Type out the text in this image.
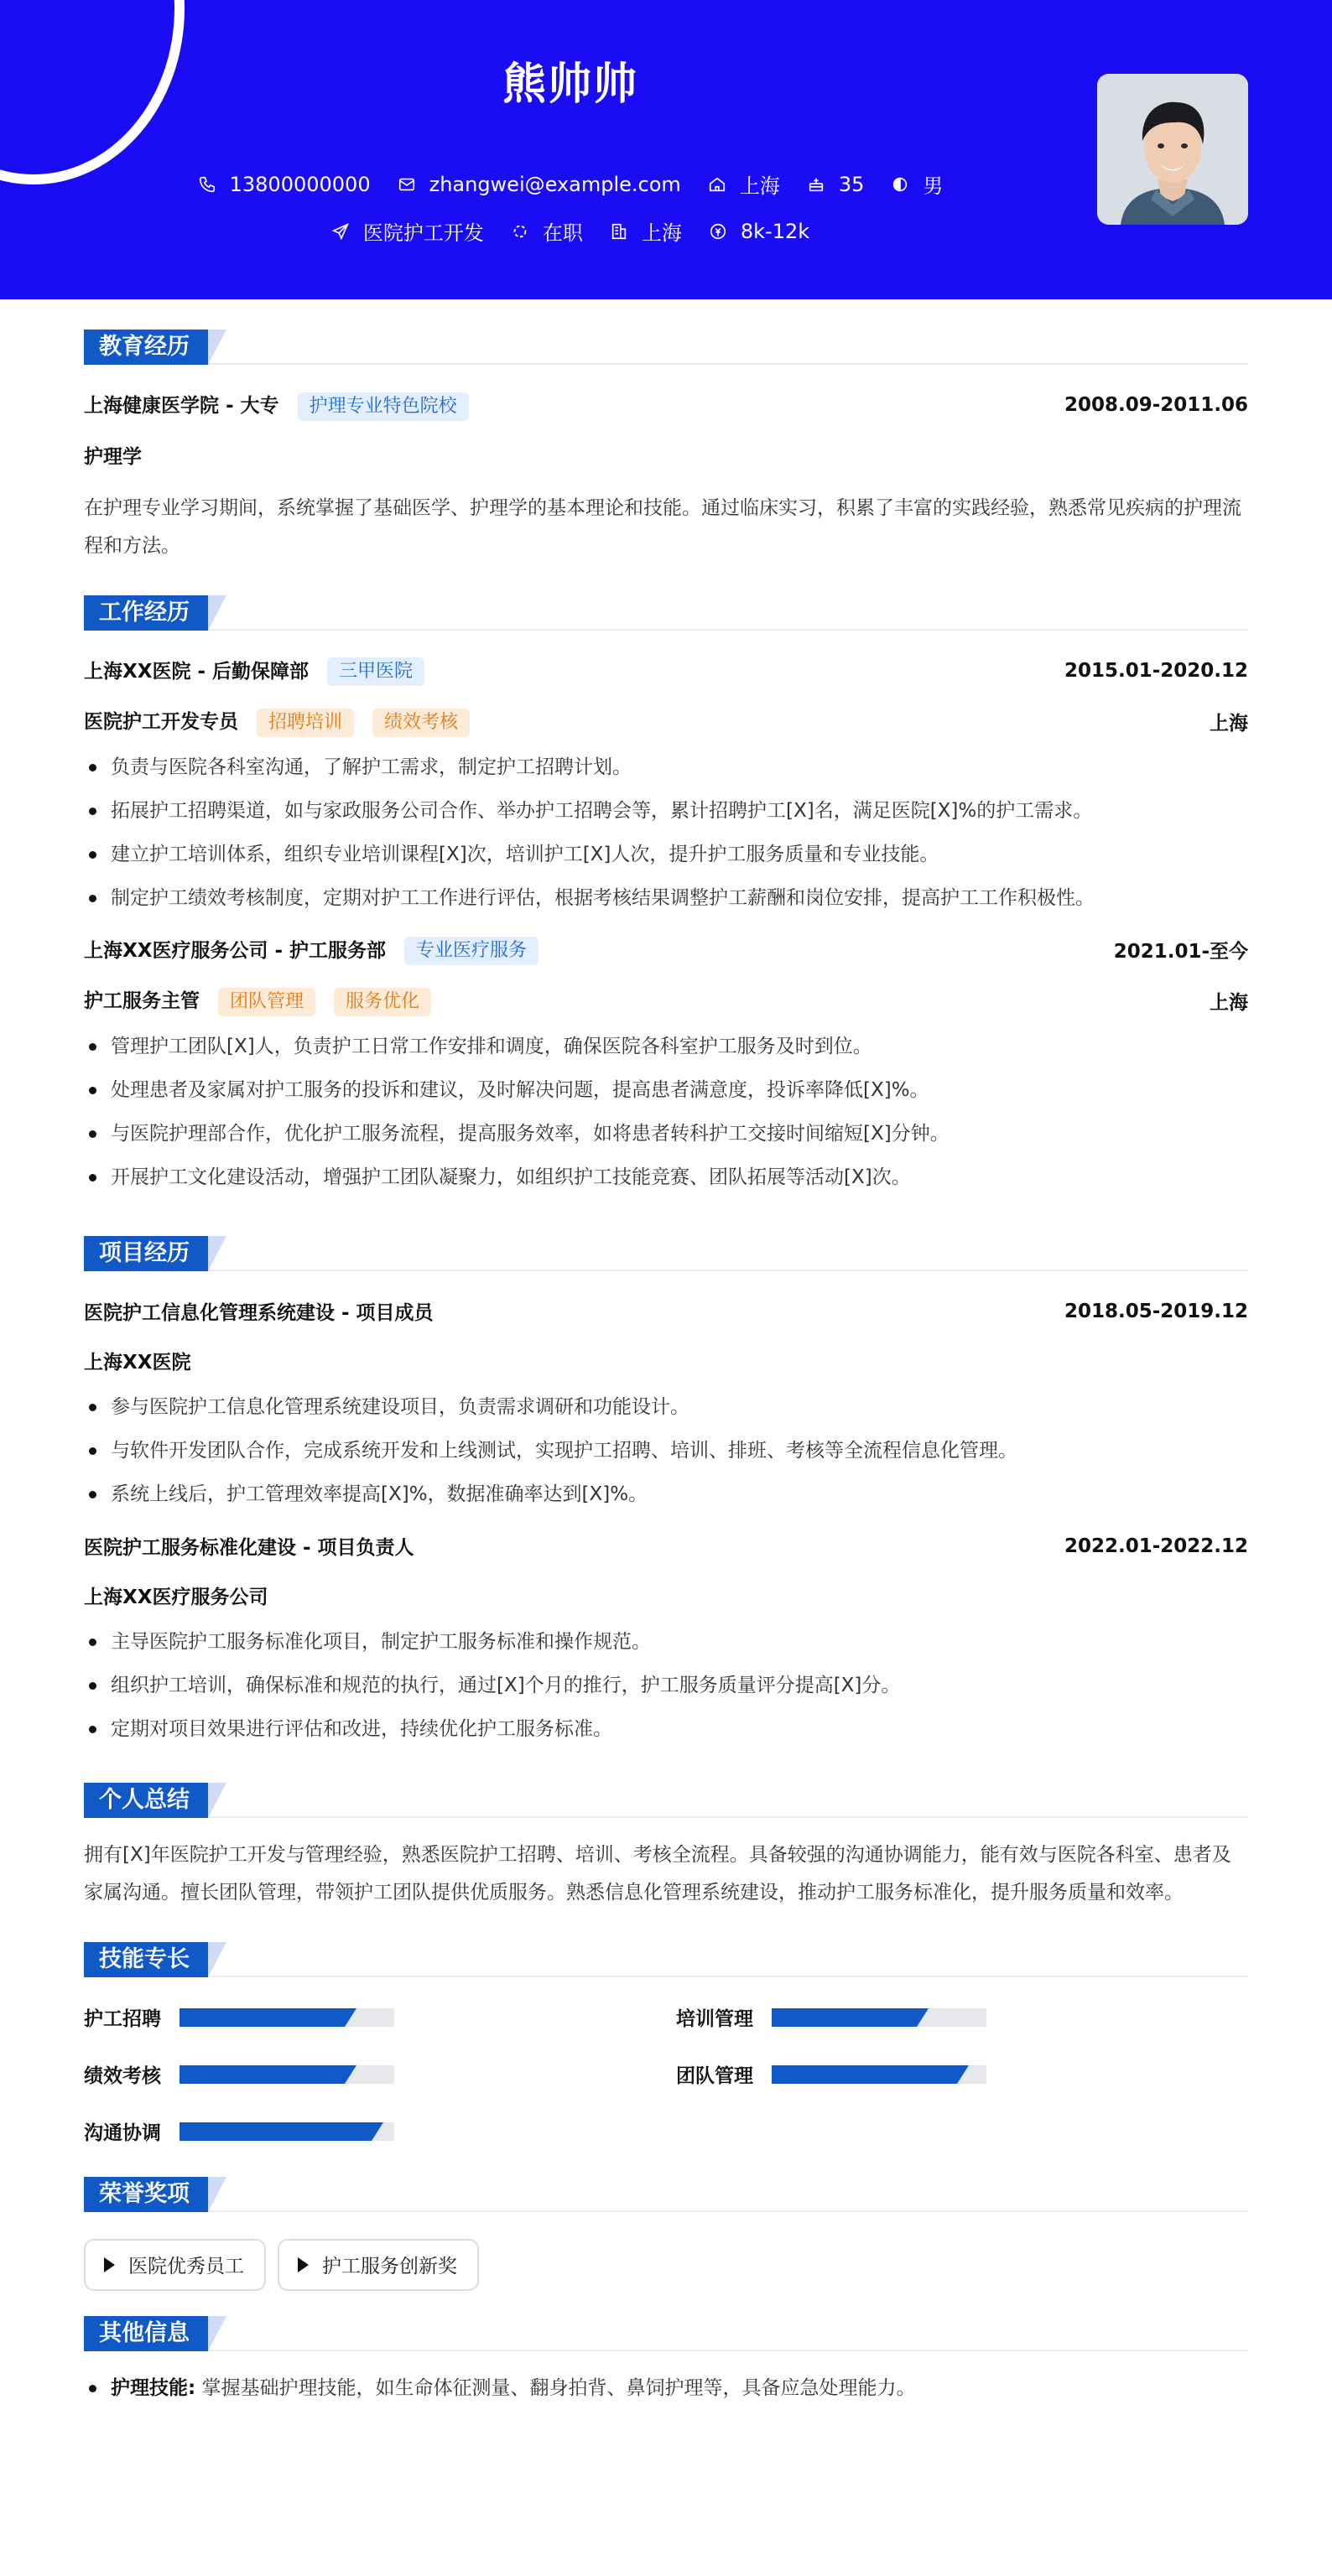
熊帅帅
13800000000	zhangwei@example.com	上海	35	男
医院护工开发	在职	上海	8k-12k
教育经历
上海健康医学院 - 大专 护理专业特色院校	2008.09-2011.06
护理学
在护理专业学习期间，系统掌握了基础医学、护理学的基本理论和技能。通过临床实习，积累了丰富的实践经验，熟悉常见疾病的护理流程和方法。
工作经历
上海XX医院 - 后勤保障部 三甲医院	2015.01-2020.12
医院护工开发专员 招聘培训 绩效考核	上海
负责与医院各科室沟通，了解护工需求，制定护工招聘计划。
拓展护工招聘渠道，如与家政服务公司合作、举办护工招聘会等，累计招聘护工[X]名，满足医院[X]%的护工需求。
建立护工培训体系，组织专业培训课程[X]次，培训护工[X]人次，提升护工服务质量和专业技能。
制定护工绩效考核制度，定期对护工工作进行评估，根据考核结果调整护工薪酬和岗位安排，提高护工工作积极性。
上海XX医疗服务公司 - 护工服务部 专业医疗服务	2021.01-至今
护工服务主管 团队管理 服务优化	上海
管理护工团队[X]人，负责护工日常工作安排和调度，确保医院各科室护工服务及时到位。
处理患者及家属对护工服务的投诉和建议，及时解决问题，提高患者满意度，投诉率降低[X]%。
与医院护理部合作，优化护工服务流程，提高服务效率，如将患者转科护工交接时间缩短[X]分钟。
开展护工文化建设活动，增强护工团队凝聚力，如组织护工技能竞赛、团队拓展等活动[X]次。
项目经历
医院护工信息化管理系统建设 - 项目成员	2018.05-2019.12
上海XX医院
参与医院护工信息化管理系统建设项目，负责需求调研和功能设计。
与软件开发团队合作，完成系统开发和上线测试，实现护工招聘、培训、排班、考核等全流程信息化管理。
系统上线后，护工管理效率提高[X]%，数据准确率达到[X]%。
医院护工服务标准化建设 - 项目负责人	2022.01-2022.12
上海XX医疗服务公司
主导医院护工服务标准化项目，制定护工服务标准和操作规范。
组织护工培训，确保标准和规范的执行，通过[X]个月的推行，护工服务质量评分提高[X]分。
定期对项目效果进行评估和改进，持续优化护工服务标准。
个人总结
拥有[X]年医院护工开发与管理经验，熟悉医院护工招聘、培训、考核全流程。具备较强的沟通协调能力，能有效与医院各科室、患者及家属沟通。擅长团队管理，带领护工团队提供优质服务。熟悉信息化管理系统建设，推动护工服务标准化，提升服务质量和效率。
技能专长
护工招聘	培训管理
绩效考核	团队管理
沟通协调
荣誉奖项
医院优秀员工	护工服务创新奖
其他信息
护理技能: 掌握基础护理技能，如生命体征测量、翻身拍背、鼻饲护理等，具备应急处理能力。
